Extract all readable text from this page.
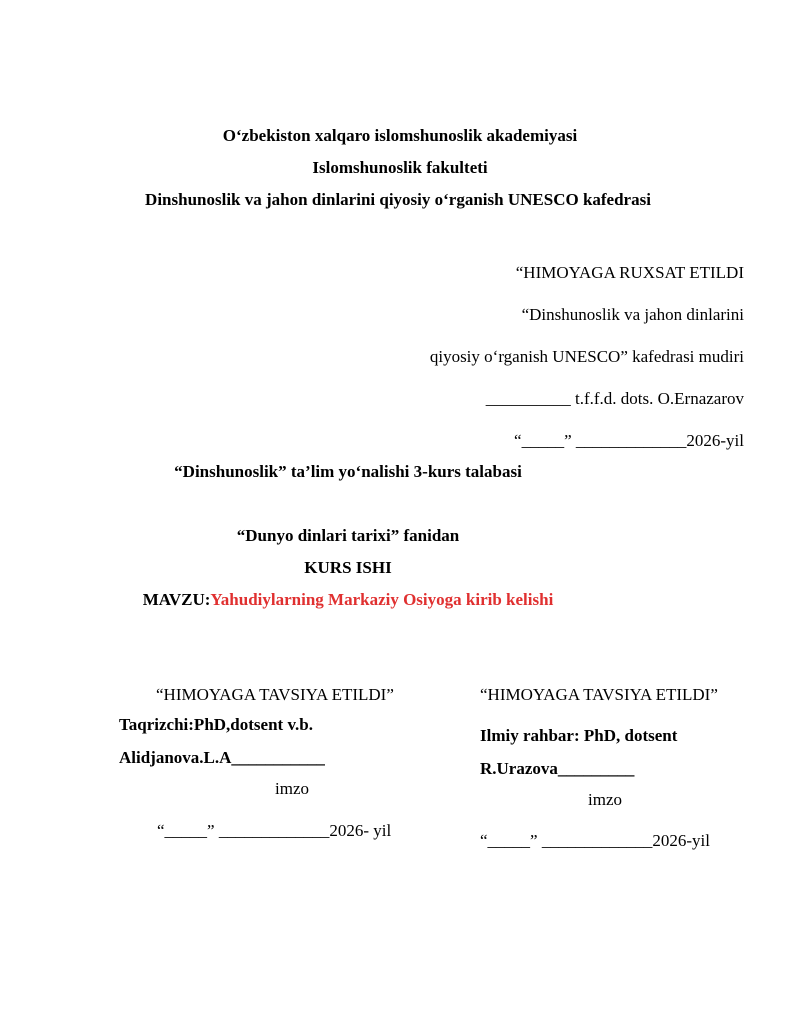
O‘zbekiston xalqaro islomshunoslik akademiyasi
Islomshunoslik fakulteti
Dinshunoslik va jahon dinlarini qiyosiy o‘rganish UNESCO kafedrasi
“HIMOYAGA RUXSAT ETILDI
“Dinshunoslik va jahon dinlarini
qiyosiy o‘rganish UNESCO” kafedrasi mudiri
__________ t.f.f.d. dots. O.Ernazarov
“_____” _____________2026-yil
“Dinshunoslik” ta’lim yo‘nalishi 3-kurs talabasi
“Dunyo dinlari tarixi” fanidan
KURS ISHI
MAVZU:Yahudiylarning Markaziy Osiyoga kirib kelishi
“HIMOYAGA TAVSIYA ETILDI”
Taqrizchi:PhD,dotsent v.b.
Alidjanova.L.A___________
imzo
“_____” _____________2026- yil
“HIMOYAGA TAVSIYA ETILDI”
Ilmiy rahbar: PhD, dotsent
R.Urazova_________
imzo
“_____” _____________2026-yil
